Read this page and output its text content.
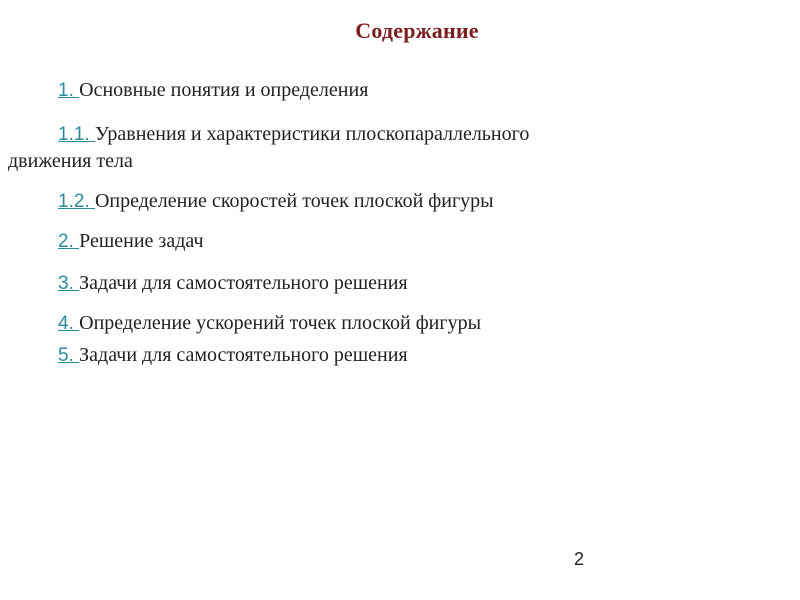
Содержание
1. Основные понятия и определения
1.1. Уравнения и характеристики плоскопараллельного
движения тела
1.2. Определение скоростей точек плоской фигуры
2. Решение задач
3. Задачи для самостоятельного решения
4. Определение ускорений точек плоской фигуры
5. Задачи для самостоятельного решения
2
